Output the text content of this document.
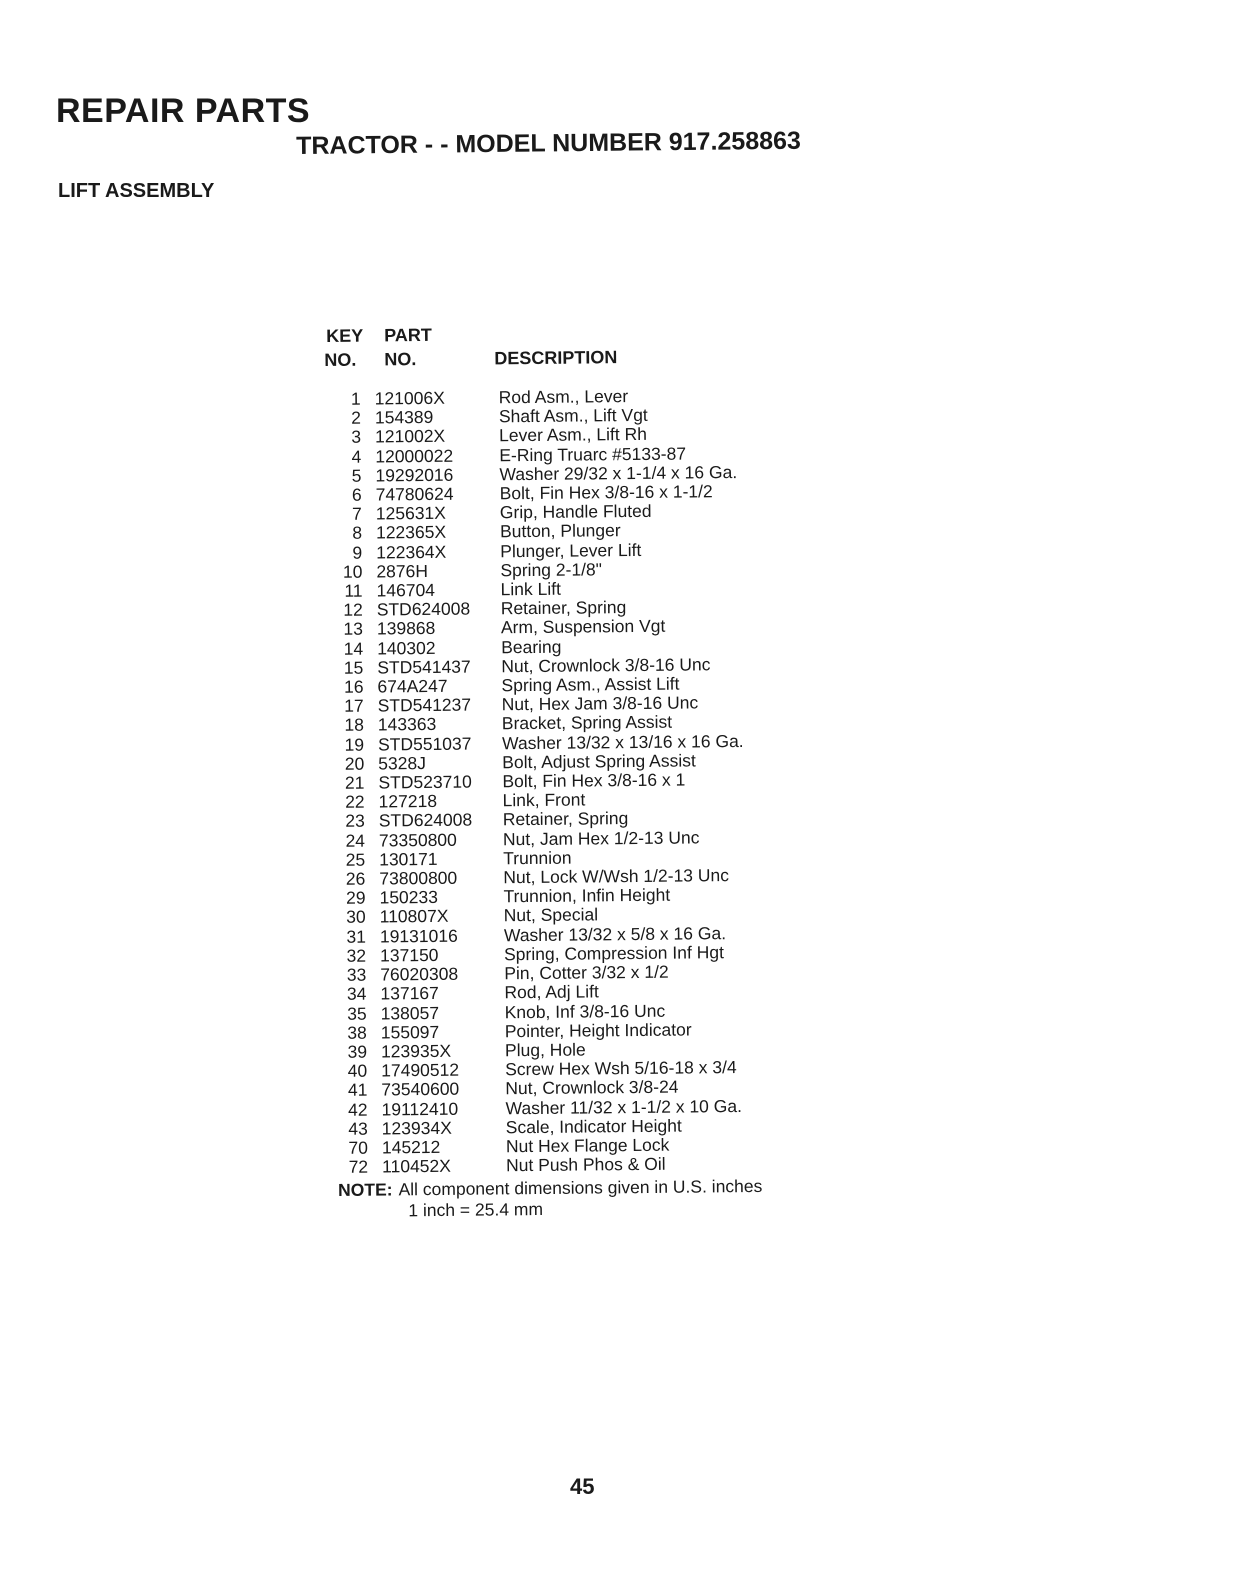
REPAIR PARTS
TRACTOR - - MODEL NUMBER 917.258863
LIFT ASSEMBLY
KEY
NO.
PART
NO.	DESCRIPTION
1	121006X	Rod Asm., Lever
2	154389	Shaft Asm., Lift Vgt
3	121002X	Lever Asm., Lift Rh
4	12000022	E-Ring Truarc #5133-87
5	19292016	Washer 29/32 x 1-1/4 x 16 Ga.
6	74780624	Bolt, Fin Hex 3/8-16 x 1-1/2
7	125631X	Grip, Handle Fluted
8	122365X	Button, Plunger
9	122364X	Plunger, Lever Lift
10	2876H	Spring 2-1/8"
11	146704	Link Lift
12	STD624008	Retainer, Spring
13	139868	Arm, Suspension Vgt
14	140302	Bearing
15	STD541437	Nut, Crownlock 3/8-16 Unc
16	674A247	Spring Asm., Assist Lift
17	STD541237	Nut, Hex Jam 3/8-16 Unc
18	143363	Bracket, Spring Assist
19	STD551037	Washer 13/32 x 13/16 x 16 Ga.
20	5328J	Bolt, Adjust Spring Assist
21	STD523710	Bolt, Fin Hex 3/8-16 x 1
22	127218	Link, Front
23	STD624008	Retainer, Spring
24	73350800	Nut, Jam Hex 1/2-13 Unc
25	130171	Trunnion
26	73800800	Nut, Lock W/Wsh 1/2-13 Unc
29	150233	Trunnion, Infin Height
30	110807X	Nut, Special
31	19131016	Washer 13/32 x 5/8 x 16 Ga.
32	137150	Spring, Compression Inf Hgt
33	76020308	Pin, Cotter 3/32 x 1/2
34	137167	Rod, Adj Lift
35	138057	Knob, Inf 3/8-16 Unc
38	155097	Pointer, Height Indicator
39	123935X	Plug, Hole
40	17490512	Screw Hex Wsh 5/16-18 x 3/4
41	73540600	Nut, Crownlock 3/8-24
42	19112410	Washer 11/32 x 1-1/2 x 10 Ga.
43	123934X	Scale, Indicator Height
70	145212	Nut Hex Flange Lock
72	110452X	Nut Push Phos & Oil
NOTE: All component dimensions given in U.S. inches
1 inch = 25.4 mm
45
